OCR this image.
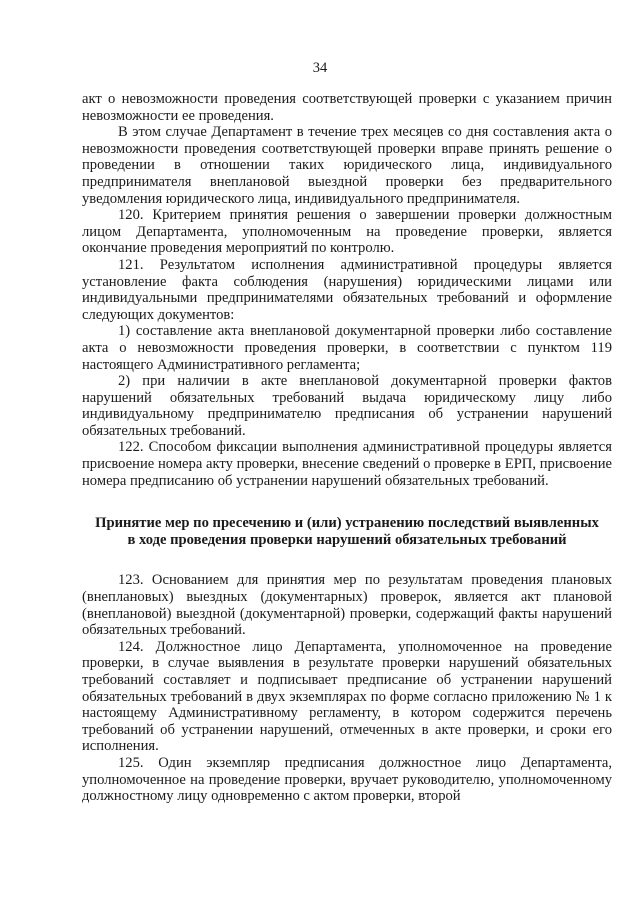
34

акт о невозможности проведения соответствующей проверки с указанием причин невозможности ее проведения.

В этом случае Департамент в течение трех месяцев со дня составления акта о невозможности проведения соответствующей проверки вправе принять решение о проведении в отношении таких юридического лица, индивидуального предпринимателя внеплановой выездной проверки без предварительного уведомления юридического лица, индивидуального предпринимателя.

120. Критерием принятия решения о завершении проверки должностным лицом Департамента, уполномоченным на проведение проверки, является окончание проведения мероприятий по контролю.

121. Результатом исполнения административной процедуры является установление факта соблюдения (нарушения) юридическими лицами или индивидуальными предпринимателями обязательных требований и оформление следующих документов:

1) составление акта внеплановой документарной проверки либо составление акта о невозможности проведения проверки, в соответствии с пунктом 119 настоящего Административного регламента;

2) при наличии в акте внеплановой документарной проверки фактов нарушений обязательных требований выдача юридическому лицу либо индивидуальному предпринимателю предписания об устранении нарушений обязательных требований.

122. Способом фиксации выполнения административной процедуры является присвоение номера акту проверки, внесение сведений о проверке в ЕРП, присвоение номера предписанию об устранении нарушений обязательных требований.

Принятие мер по пресечению и (или) устранению последствий выявленных
в ходе проведения проверки нарушений обязательных требований

123. Основанием для принятия мер по результатам проведения плановых (внеплановых) выездных (документарных) проверок, является акт плановой (внеплановой) выездной (документарной) проверки, содержащий факты нарушений обязательных требований.

124. Должностное лицо Департамента, уполномоченное на проведение проверки, в случае выявления в результате проверки нарушений обязательных требований составляет и подписывает предписание об устранении нарушений обязательных требований в двух экземплярах по форме согласно приложению № 1 к настоящему Административному регламенту, в котором содержится перечень требований об устранении нарушений, отмеченных в акте проверки, и сроки его исполнения.

125. Один экземпляр предписания должностное лицо Департамента, уполномоченное на проведение проверки, вручает руководителю, уполномоченному должностному лицу одновременно с актом проверки, второй
